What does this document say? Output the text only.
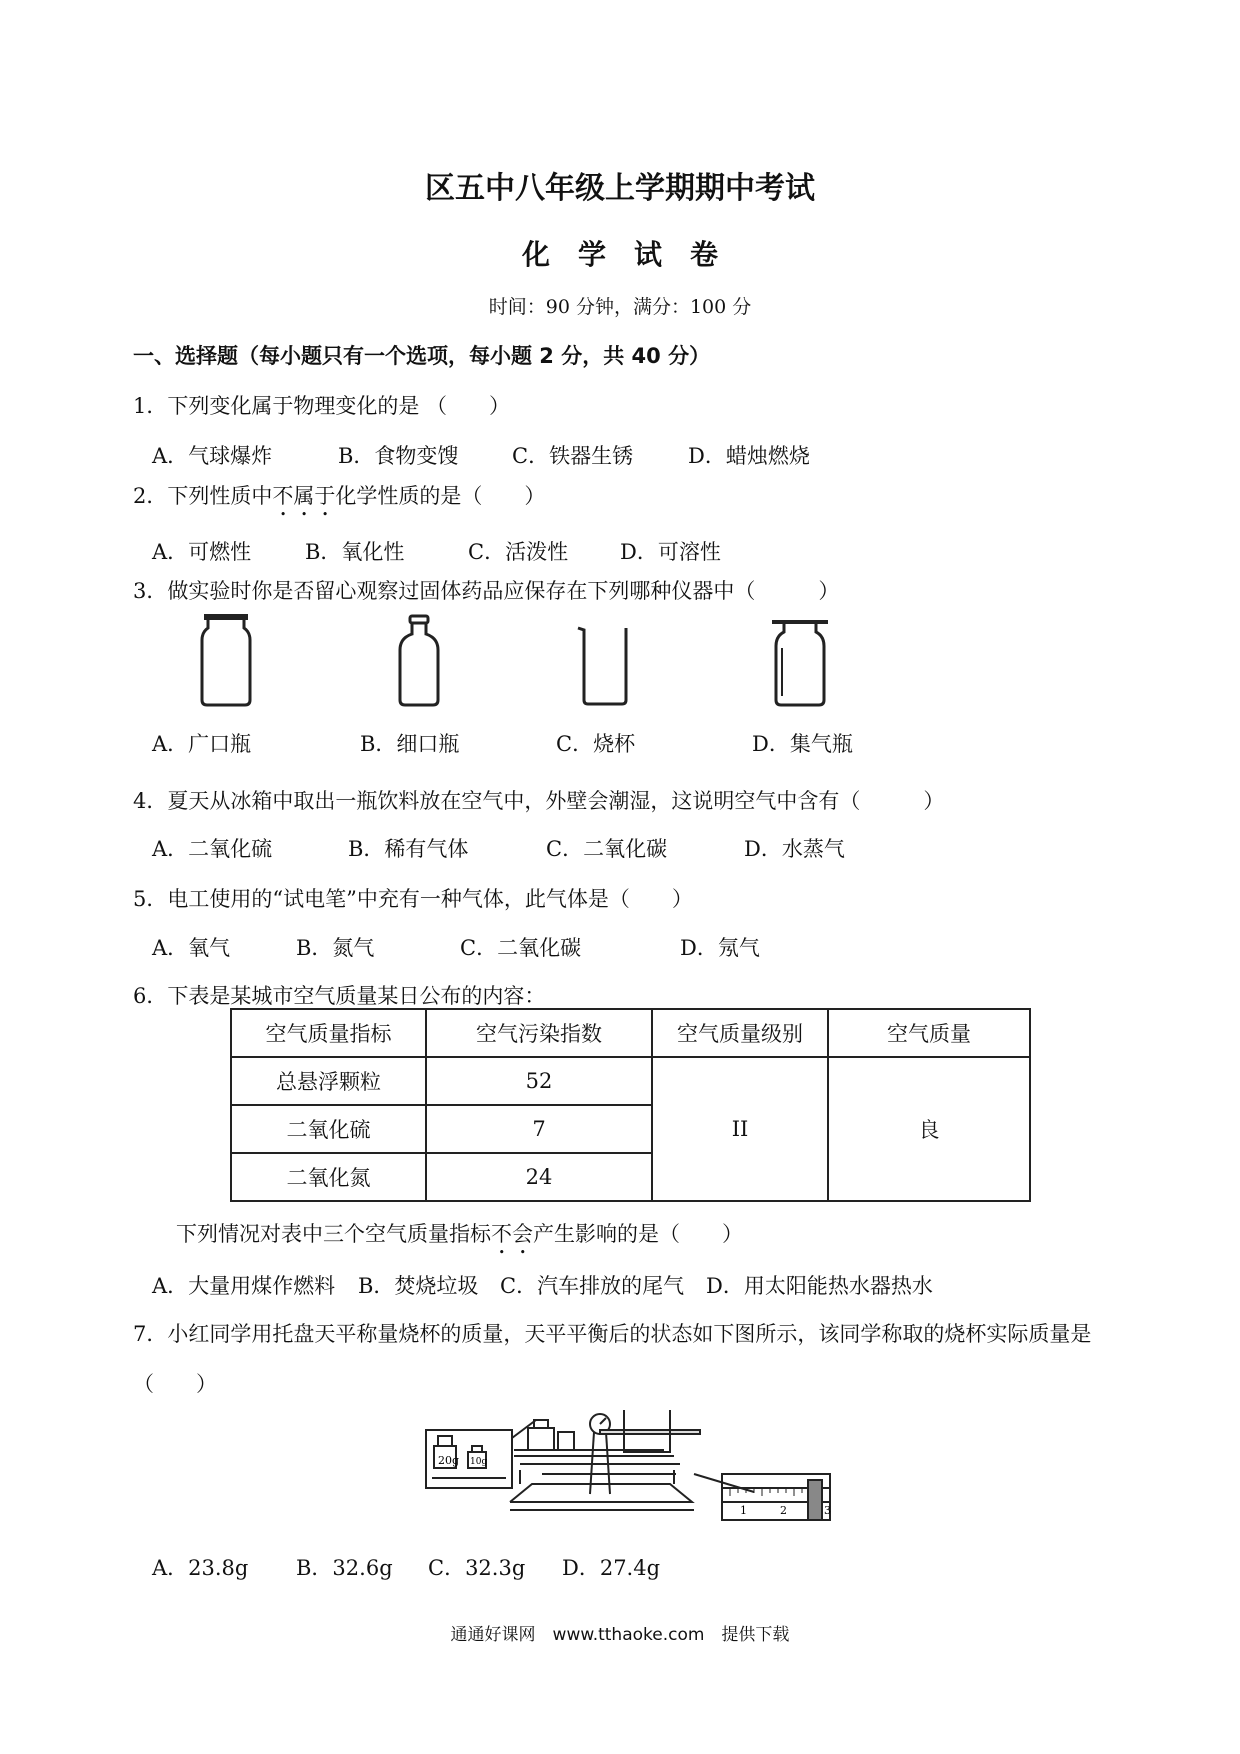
区五中八年级上学期期中考试
化　学　试　卷
时间：90 分钟，满分：100 分
一、选择题（每小题只有一个选项，每小题 2 分，共 40 分）
1．下列变化属于物理变化的是 （　　）
A．气球爆炸	B．食物变馊	C．铁器生锈	D．蜡烛燃烧
2．下列性质中不属于化学性质的是（　　）
A．可燃性	B．氧化性	C．活泼性 D．可溶性
3．做实验时你是否留心观察过固体药品应保存在下列哪种仪器中（　　　）
A．广口瓶	B．细口瓶	C．烧杯	D．集气瓶
4．夏天从冰箱中取出一瓶饮料放在空气中，外壁会潮湿，这说明空气中含有（　　　）
A．二氧化硫	B．稀有气体	C．二氧化碳	D．水蒸气
5．电工使用的“试电笔”中充有一种气体，此气体是（　　）
A．氧气	B．氮气	C．二氧化碳	D．氖气
6．下表是某城市空气质量某日公布的内容：
空气质量指标	空气污染指数	空气质量级别	空气质量
总悬浮颗粒	52	II	良
二氧化硫	7		
二氧化氮	24		
下列情况对表中三个空气质量指标不会产生影响的是（　　）
A．大量用煤作燃料 B．焚烧垃圾 C．汽车排放的尾气 D．用太阳能热水器热水
7．小红同学用托盘天平称量烧杯的质量，天平平衡后的状态如下图所示，该同学称取的烧杯实际质量是
（　　）
20g 10g
1	2	3
A．23.8g B．32.6g C．32.3g D．27.4g
通通好课网　www.tthaoke.com　提供下载
